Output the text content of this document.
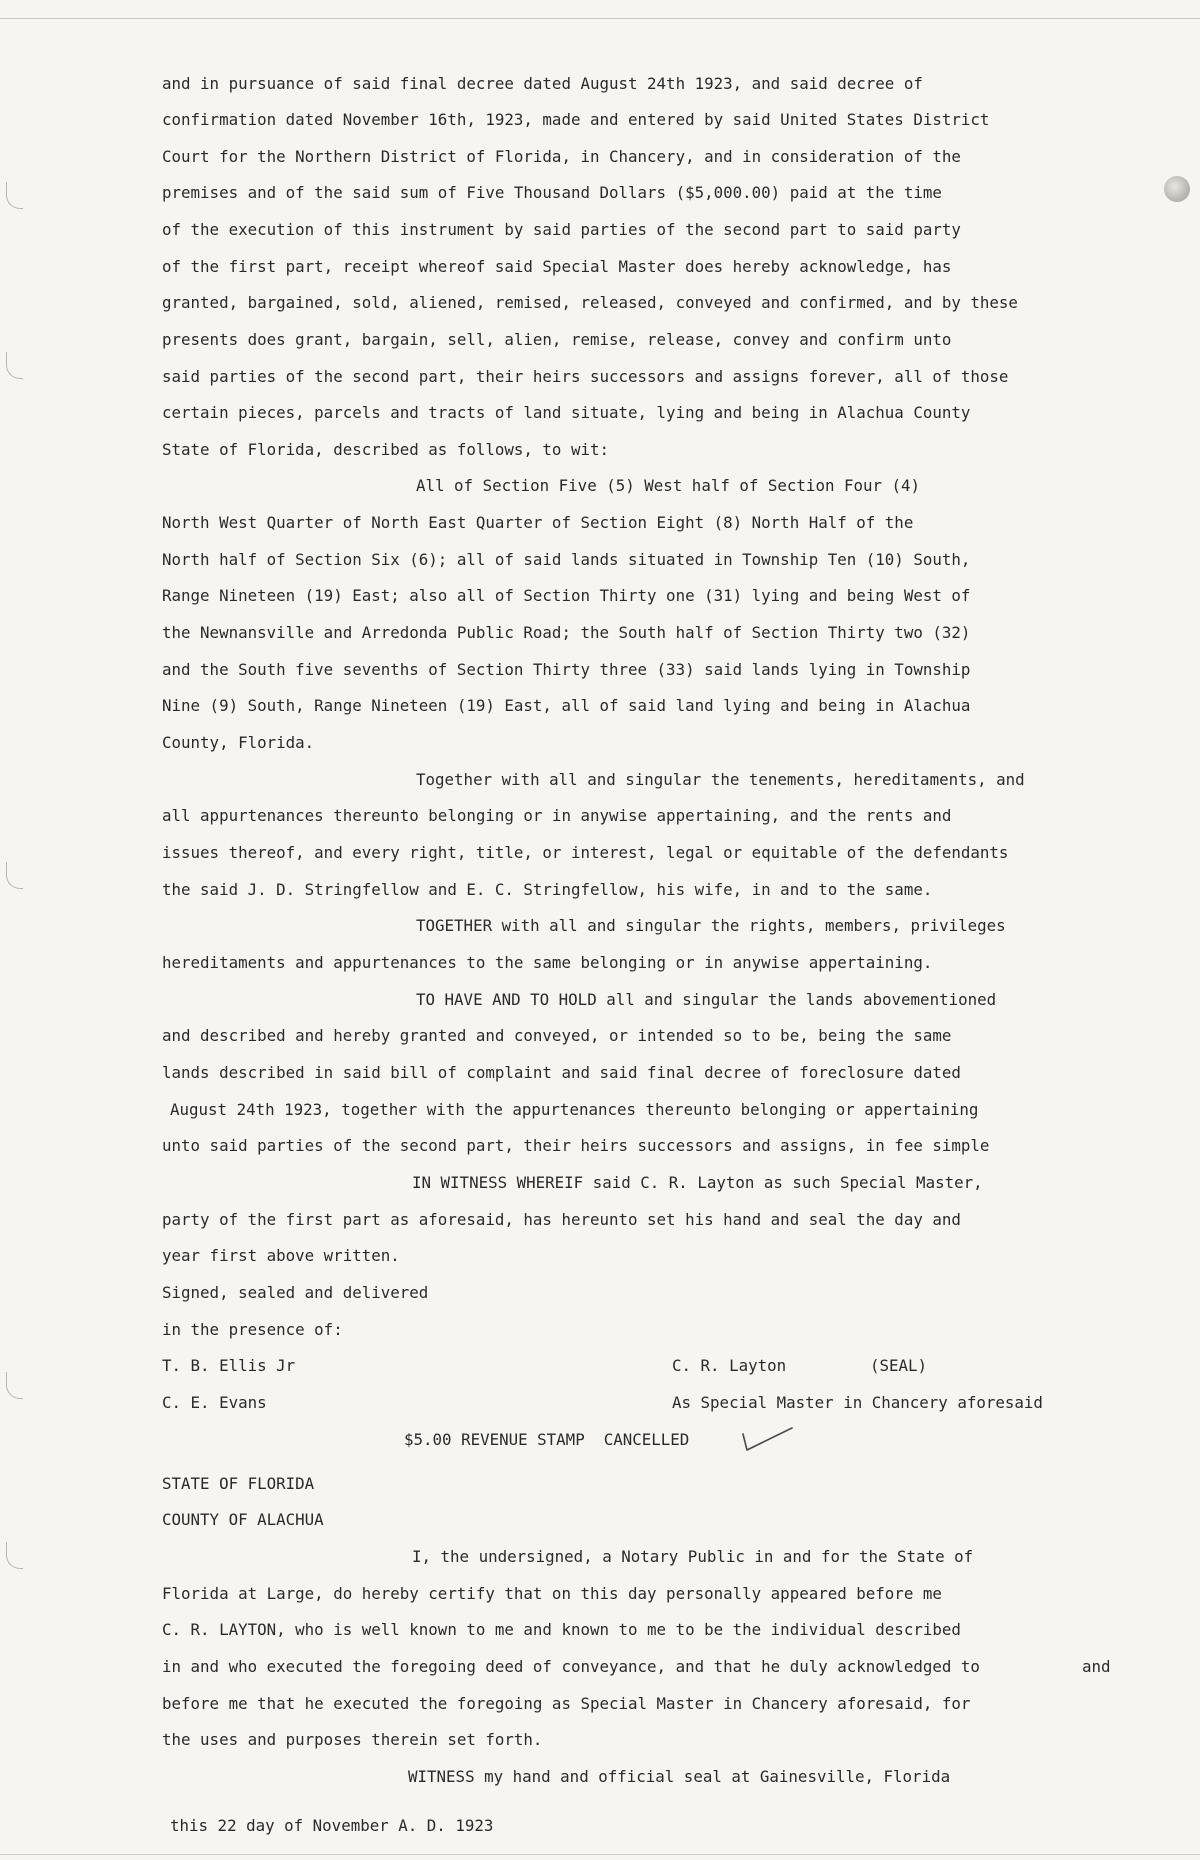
and in pursuance of said final decree dated August 24th 1923, and said decree of
confirmation dated November 16th, 1923, made and entered by said United States District
Court for the Northern District of Florida, in Chancery, and in consideration of the
premises and of the said sum of Five Thousand Dollars ($5,000.00) paid at the time
of the execution of this instrument by said parties of the second part to said party
of the first part, receipt whereof said Special Master does hereby acknowledge, has
granted, bargained, sold, aliened, remised, released, conveyed and confirmed, and by these
presents does grant, bargain, sell, alien, remise, release, convey and confirm unto
said parties of the second part, their heirs successors and assigns forever, all of those
certain pieces, parcels and tracts of land situate, lying and being in Alachua County
State of Florida, described as follows, to wit:
All of Section Five (5) West half of Section Four (4)
North West Quarter of North East Quarter of Section Eight (8) North Half of the
North half of Section Six (6); all of said lands situated in Township Ten (10) South,
Range Nineteen (19) East; also all of Section Thirty one (31) lying and being West of
the Newnansville and Arredonda Public Road; the South half of Section Thirty two (32)
and the South five sevenths of Section Thirty three (33) said lands lying in Township
Nine (9) South, Range Nineteen (19) East, all of said land lying and being in Alachua
County, Florida.
Together with all and singular the tenements, hereditaments, and
all appurtenances thereunto belonging or in anywise appertaining, and the rents and
issues thereof, and every right, title, or interest, legal or equitable of the defendants
the said J. D. Stringfellow and E. C. Stringfellow, his wife, in and to the same.
TOGETHER with all and singular the rights, members, privileges
hereditaments and appurtenances to the same belonging or in anywise appertaining.
TO HAVE AND TO HOLD all and singular the lands abovementioned
and described and hereby granted and conveyed, or intended so to be, being the same
lands described in said bill of complaint and said final decree of foreclosure dated
August 24th 1923, together with the appurtenances thereunto belonging or appertaining
unto said parties of the second part, their heirs successors and assigns, in fee simple
IN WITNESS WHEREIF said C. R. Layton as such Special Master,
party of the first part as aforesaid, has hereunto set his hand and seal the day and
year first above written.
Signed, sealed and delivered
in the presence of:
T. B. Ellis Jr
C. E. Evans
C. R. Layton	(SEAL)
As Special Master in Chancery aforesaid
$5.00 REVENUE STAMP  CANCELLED
STATE OF FLORIDA
COUNTY OF ALACHUA
I, the undersigned, a Notary Public in and for the State of
Florida at Large, do hereby certify that on this day personally appeared before me
C. R. LAYTON, who is well known to me and known to me to be the individual described
in and who executed the foregoing deed of conveyance, and that he duly acknowledged to	and
before me that he executed the foregoing as Special Master in Chancery aforesaid, for
the uses and purposes therein set forth.
WITNESS my hand and official seal at Gainesville, Florida
this 22 day of November A. D. 1923
